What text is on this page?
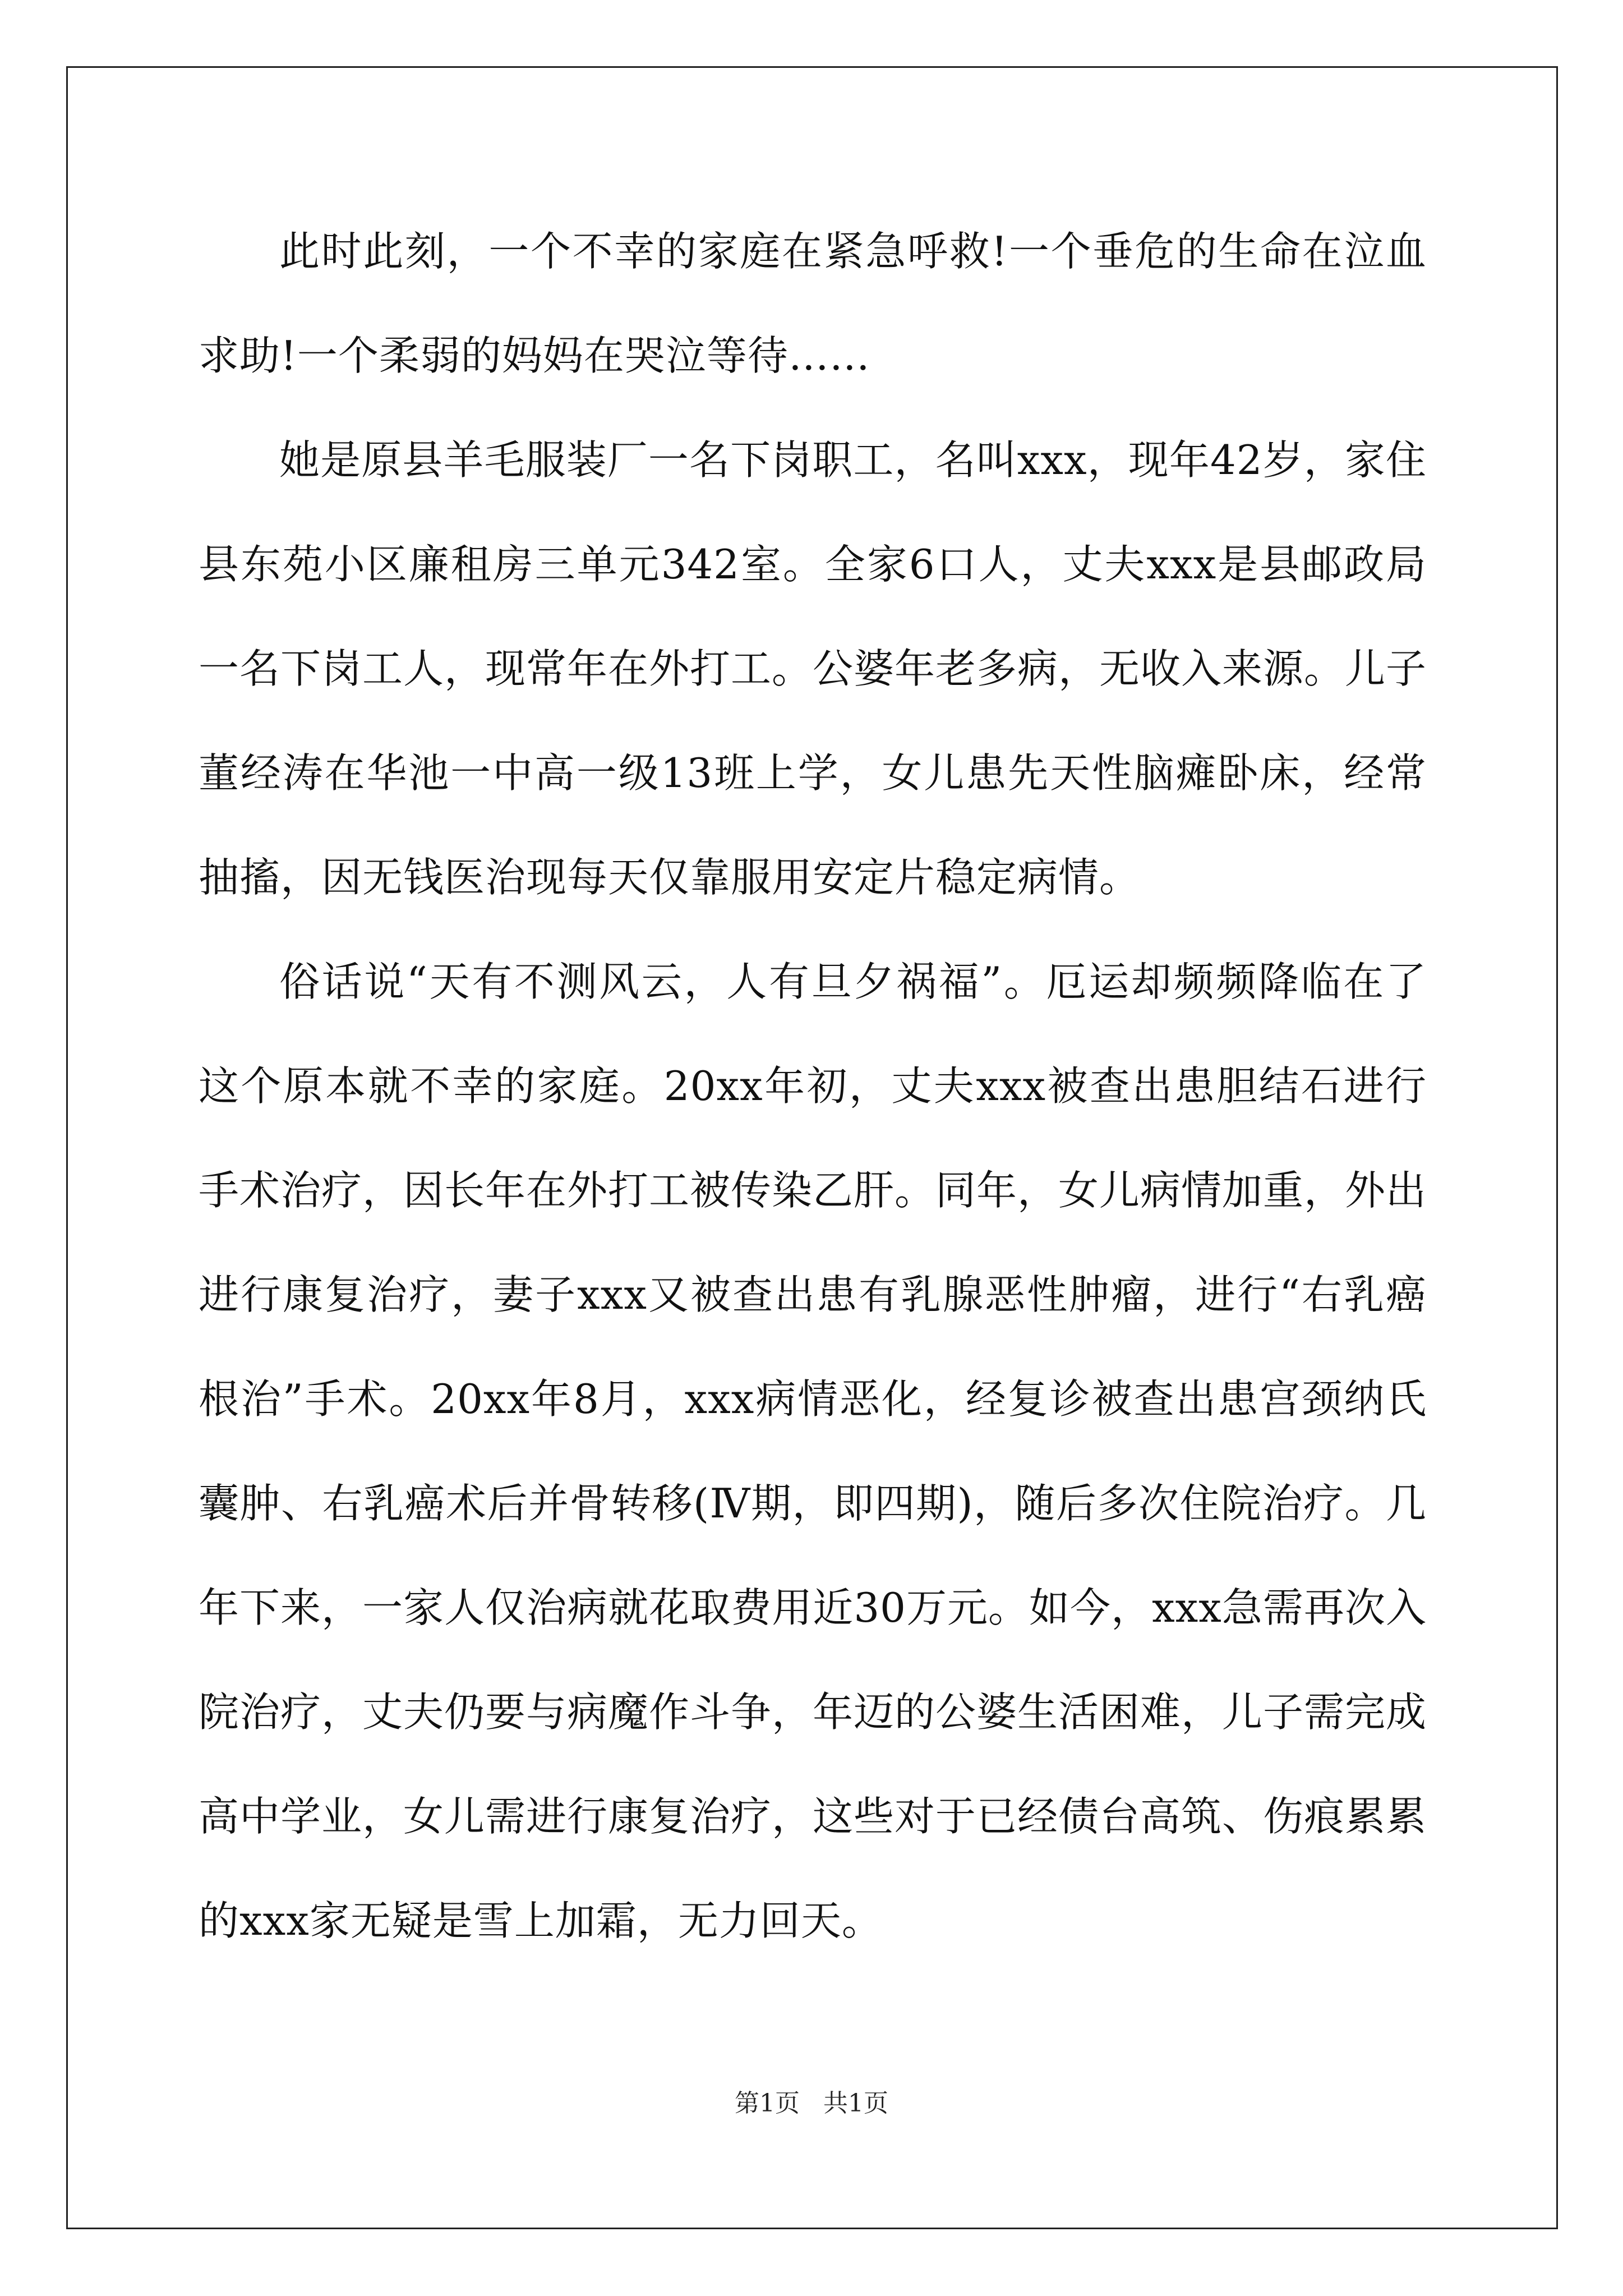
此时此刻，一个不幸的家庭在紧急呼救!一个垂危的生命在泣血求助!一个柔弱的妈妈在哭泣等待……

她是原县羊毛服装厂一名下岗职工，名叫xxx，现年42岁，家住县东苑小区廉租房三单元342室。全家6口人，丈夫xxx是县邮政局一名下岗工人，现常年在外打工。公婆年老多病，无收入来源。儿子董经涛在华池一中高一级13班上学，女儿患先天性脑瘫卧床，经常抽搐，因无钱医治现每天仅靠服用安定片稳定病情。

俗话说“天有不测风云，人有旦夕祸福”。厄运却频频降临在了这个原本就不幸的家庭。20xx年初，丈夫xxx被查出患胆结石进行手术治疗，因长年在外打工被传染乙肝。同年，女儿病情加重，外出进行康复治疗，妻子xxx又被查出患有乳腺恶性肿瘤，进行“右乳癌根治”手术。20xx年8月，xxx病情恶化，经复诊被查出患宫颈纳氏囊肿、右乳癌术后并骨转移(Ⅳ期，即四期)，随后多次住院治疗。几年下来，一家人仅治病就花取费用近30万元。如今，xxx急需再次入院治疗，丈夫仍要与病魔作斗争，年迈的公婆生活困难，儿子需完成高中学业，女儿需进行康复治疗，这些对于已经债台高筑、伤痕累累的xxx家无疑是雪上加霜，无力回天。

第1页 共1页
